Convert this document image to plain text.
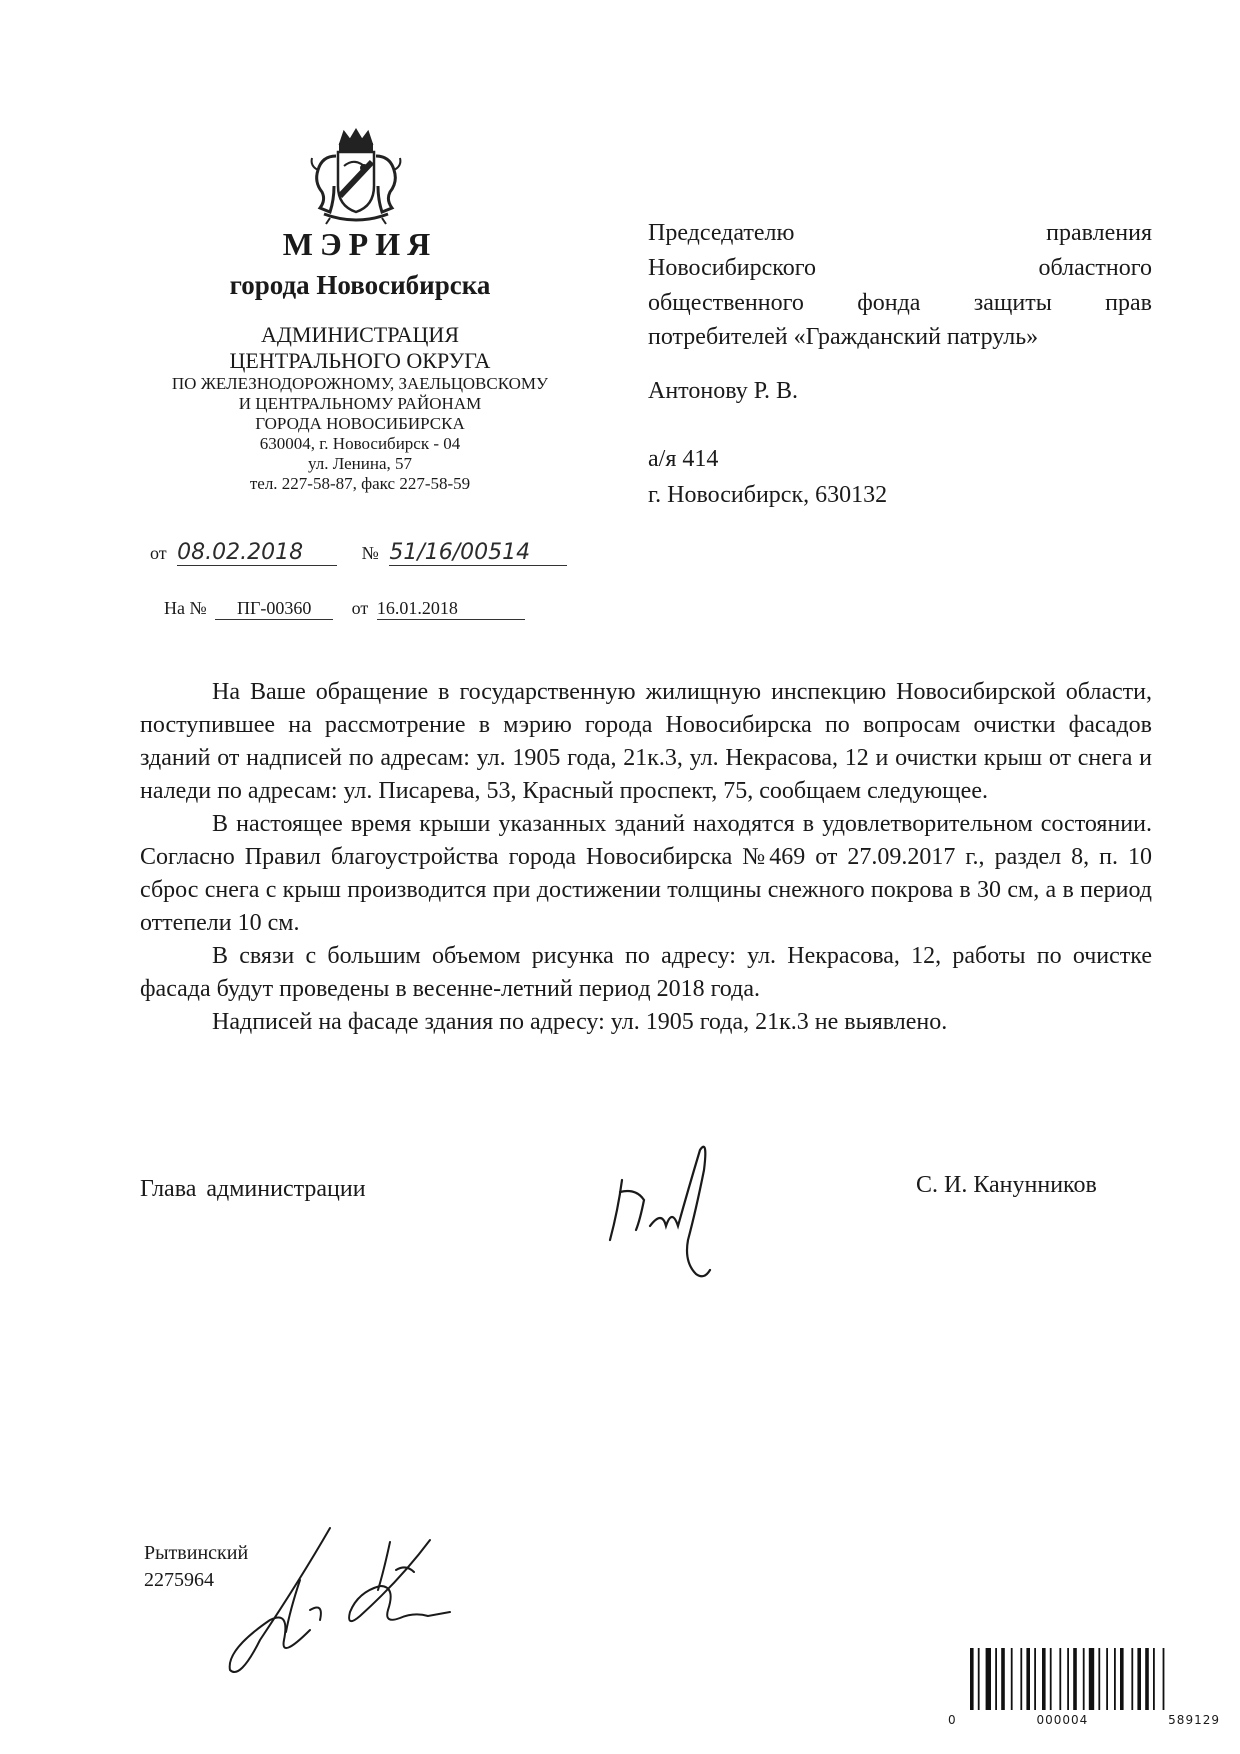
МЭРИЯ
города Новосибирска
АДМИНИСТРАЦИЯ
ЦЕНТРАЛЬНОГО ОКРУГА
ПО ЖЕЛЕЗНОДОРОЖНОМУ, ЗАЕЛЬЦОВСКОМУ
И ЦЕНТРАЛЬНОМУ РАЙОНАМ
ГОРОДА НОВОСИБИРСКА
630004, г. Новосибирск - 04
ул. Ленина, 57
тел. 227-58-87, факс 227-58-59
от 08.02.2018	№ 51/16/00514
На № ПГ-00360 от 16.01.2018
Председателю правления
Новосибирского областного
общественного фонда защиты прав
потребителей «Гражданский патруль»
Антонову Р. В.
а/я 414
г. Новосибирск, 630132

На Ваше обращение в государственную жилищную инспекцию Новосибирской области, поступившее на рассмотрение в мэрию города Новосибирска по вопросам очистки фасадов зданий от надписей по адресам: ул. 1905 года, 21к.3, ул. Некрасова, 12 и очистки крыш от снега и наледи по адресам: ул. Писарева, 53, Красный проспект, 75, сообщаем следующее.

В настоящее время крыши указанных зданий находятся в удовлетворительном состоянии. Согласно Правил благоустройства города Новосибирска №469 от 27.09.2017 г., раздел 8, п. 10 сброс снега с крыш производится при достижении толщины снежного покрова в 30 см, а в период оттепели 10 см.

В связи с большим объемом рисунка по адресу: ул. Некрасова, 12, работы по очистке фасада будут проведены в весенне-летний период 2018 года.

Надписей на фасаде здания по адресу: ул. 1905 года, 21к.3 не выявлено.

Глава администрации	С. И. Канунников
Рытвинский
2275964
0	000004	589129
